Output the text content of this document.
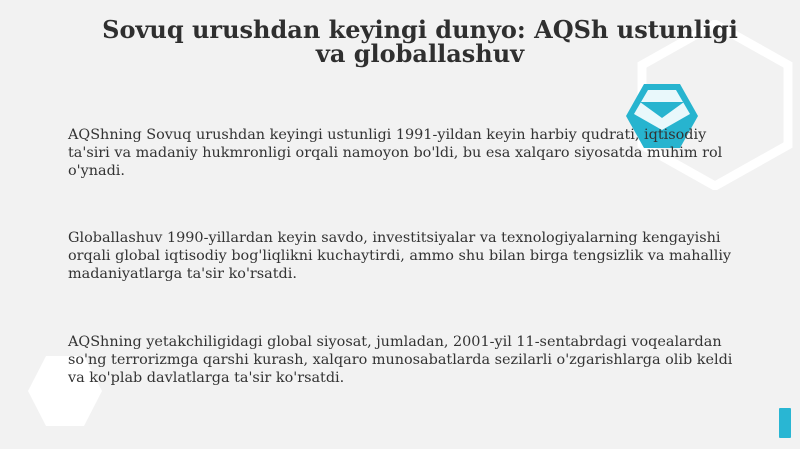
Sovuq urushdan keyingi dunyo: AQSh ustunligi va globallashuv
AQShning Sovuq urushdan keyingi ustunligi 1991-yildan keyin harbiy qudrati, iqtisodiy ta'siri va madaniy hukmronligi orqali namoyon bo'ldi, bu esa xalqaro siyosatda muhim rol o'ynadi.
Globallashuv 1990-yillardan keyin savdo, investitsiyalar va texnologiyalarning kengayishi orqali global iqtisodiy bog'liqlikni kuchaytirdi, ammo shu bilan birga tengsizlik va mahalliy madaniyatlarga ta'sir ko'rsatdi.
AQShning yetakchiligidagi global siyosat, jumladan, 2001-yil 11-sentabrdagi voqealardan so'ng terrorizmga qarshi kurash, xalqaro munosabatlarda sezilarli o'zgarishlarga olib keldi va ko'plab davlatlarga ta'sir ko'rsatdi.
